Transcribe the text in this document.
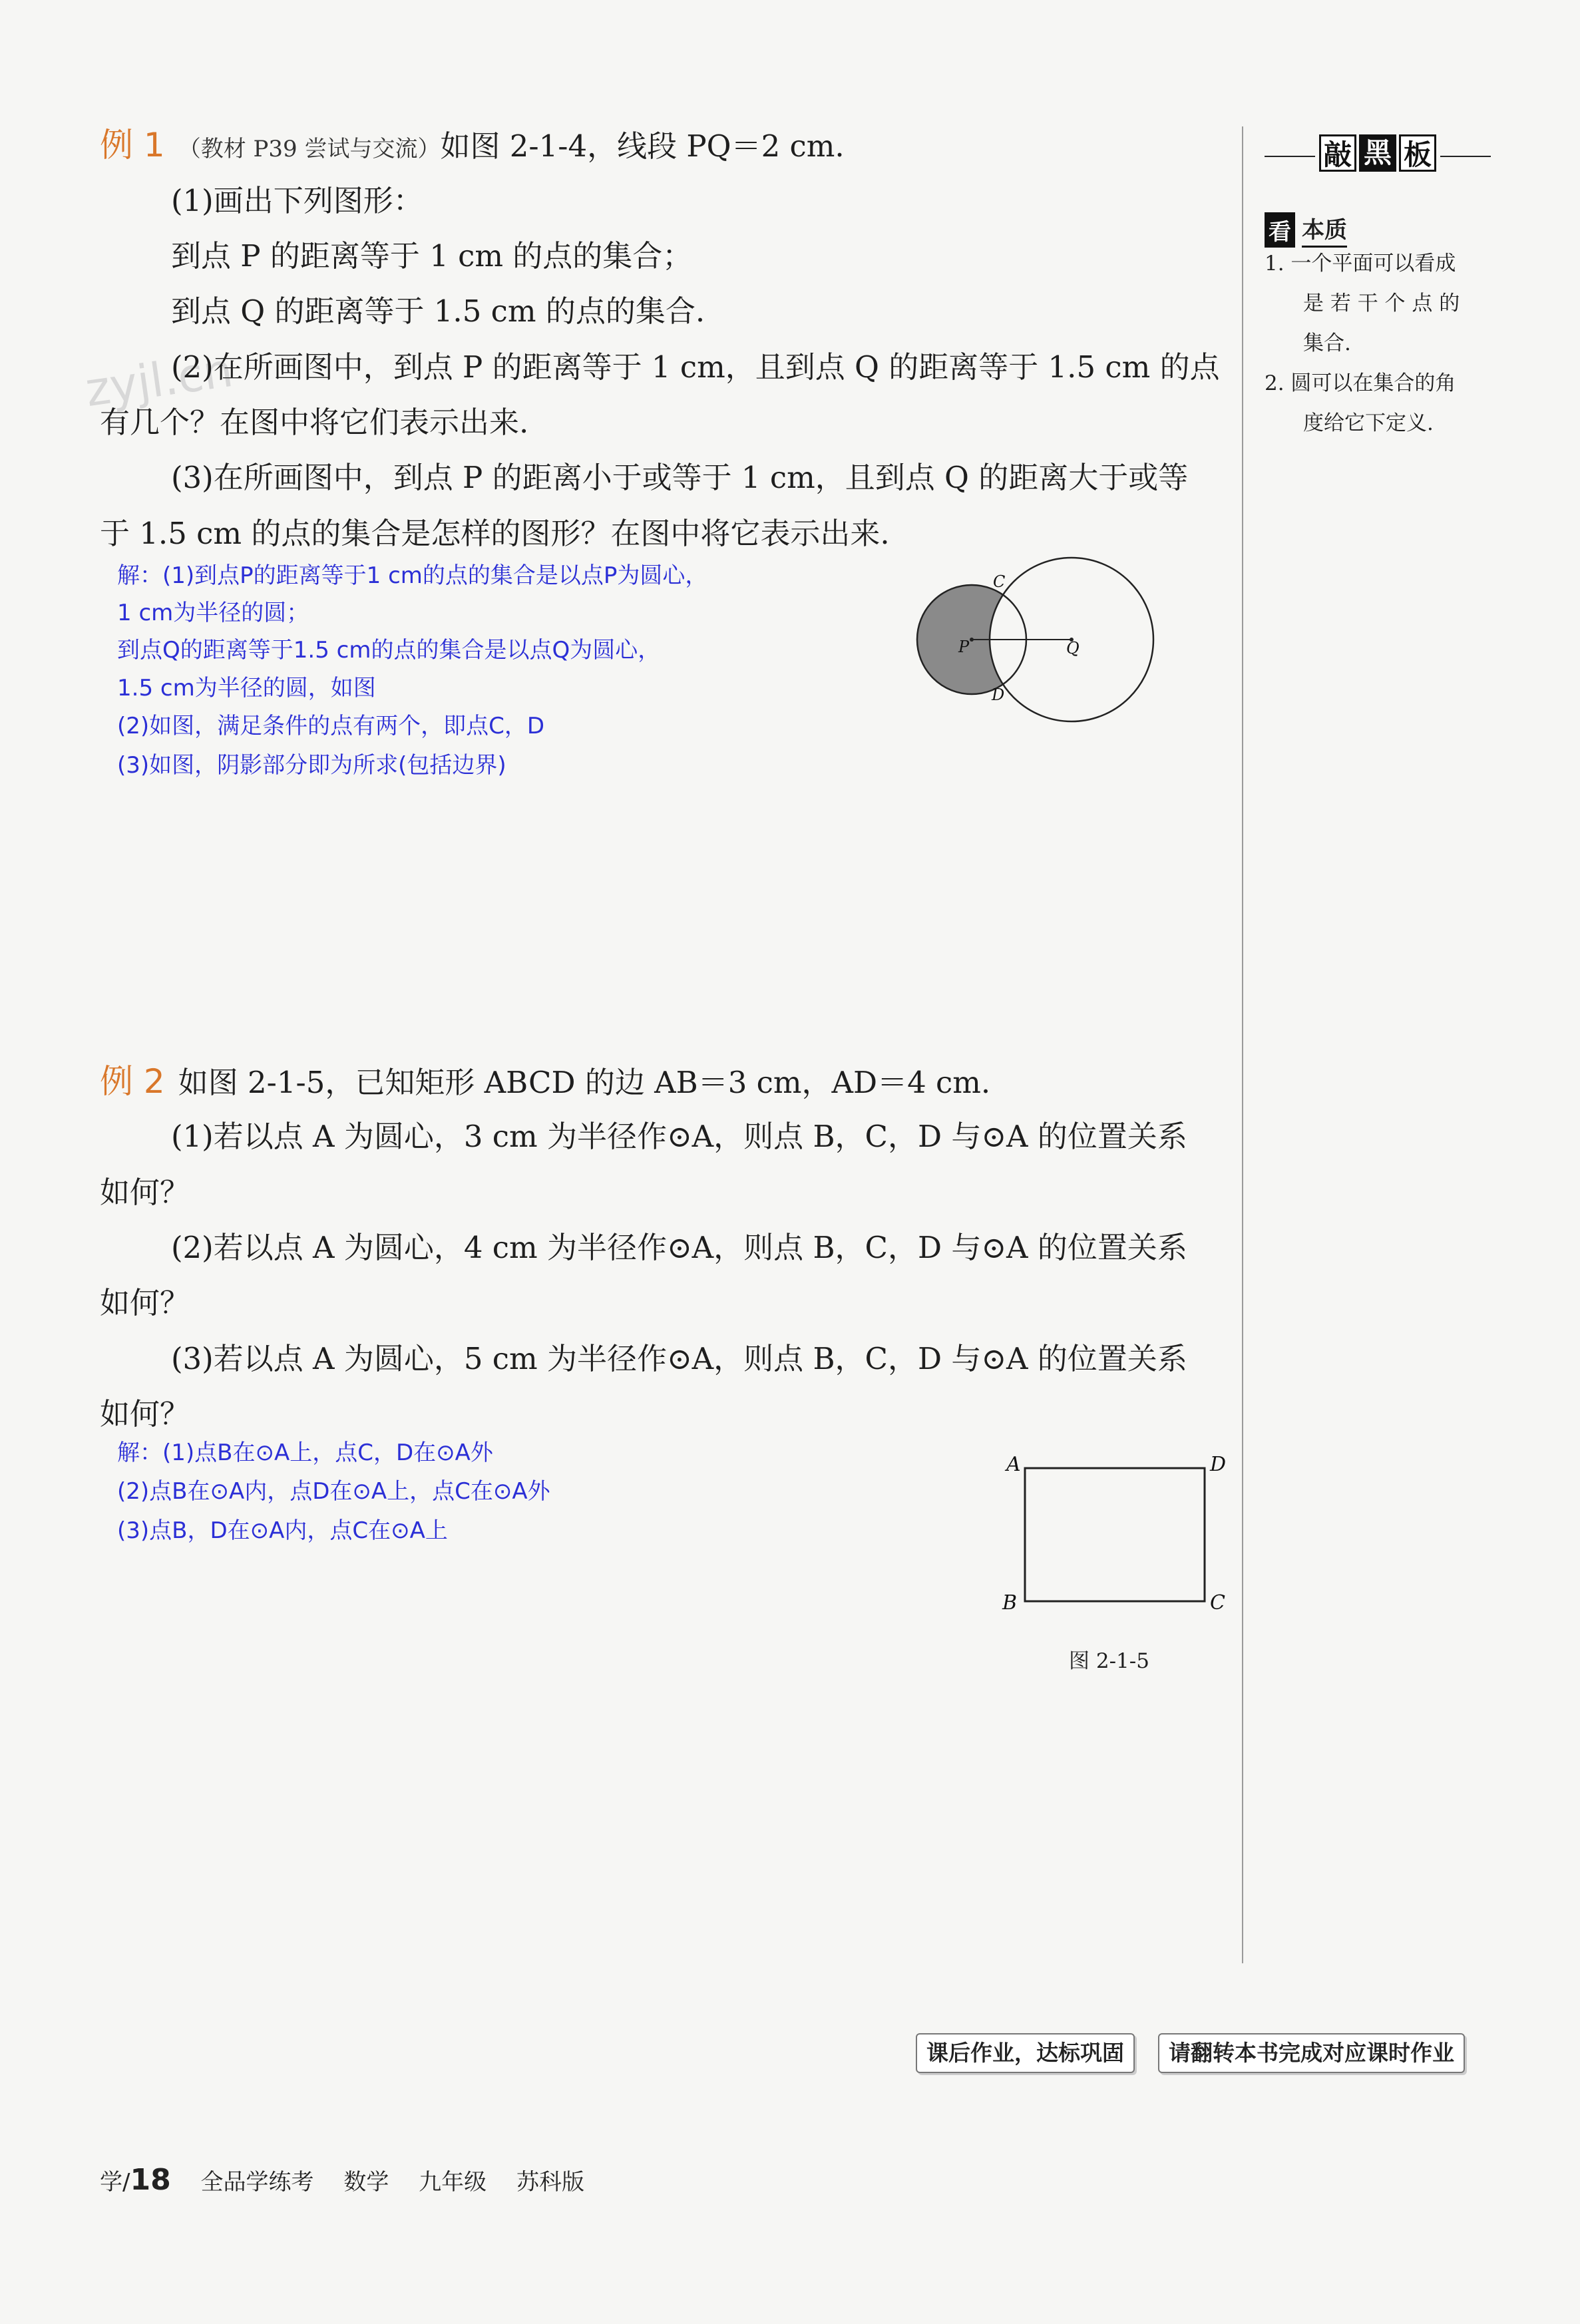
zyjl.cn
例 1 （教材 P39 尝试与交流）如图 2-1-4，线段 PQ＝2 cm.
(1)画出下列图形：
到点 P 的距离等于 1 cm 的点的集合；
到点 Q 的距离等于 1.5 cm 的点的集合.
(2)在所画图中，到点 P 的距离等于 1 cm，且到点 Q 的距离等于 1.5 cm 的点
有几个？在图中将它们表示出来.
(3)在所画图中，到点 P 的距离小于或等于 1 cm，且到点 Q 的距离大于或等
于 1.5 cm 的点的集合是怎样的图形？在图中将它表示出来.
解：(1)到点P的距离等于1 cm的点的集合是以点P为圆心，
1 cm为半径的圆；
到点Q的距离等于1.5 cm的点的集合是以点Q为圆心，
1.5 cm为半径的圆，如图
(2)如图，满足条件的点有两个，即点C，D
(3)如图，阴影部分即为所求(包括边界)
P	Q
C
D
例 2 如图 2-1-5，已知矩形 ABCD 的边 AB＝3 cm，AD＝4 cm.
(1)若以点 A 为圆心，3 cm 为半径作⊙A，则点 B，C，D 与⊙A 的位置关系
如何？
(2)若以点 A 为圆心，4 cm 为半径作⊙A，则点 B，C，D 与⊙A 的位置关系
如何？
(3)若以点 A 为圆心，5 cm 为半径作⊙A，则点 B，C，D 与⊙A 的位置关系
如何？
解：(1)点B在⊙A上，点C，D在⊙A外
(2)点B在⊙A内，点D在⊙A上，点C在⊙A外
(3)点B，D在⊙A内，点C在⊙A上
A	D
B	C
图 2-1-5
敲 黑 板
看 本质
1. 一个平面可以看成
是 若 干 个 点 的
集合.
2. 圆可以在集合的角
度给它下定义.
课后作业，达标巩固	请翻转本书完成对应课时作业
学/18 全品学练考 数学 九年级 苏科版
